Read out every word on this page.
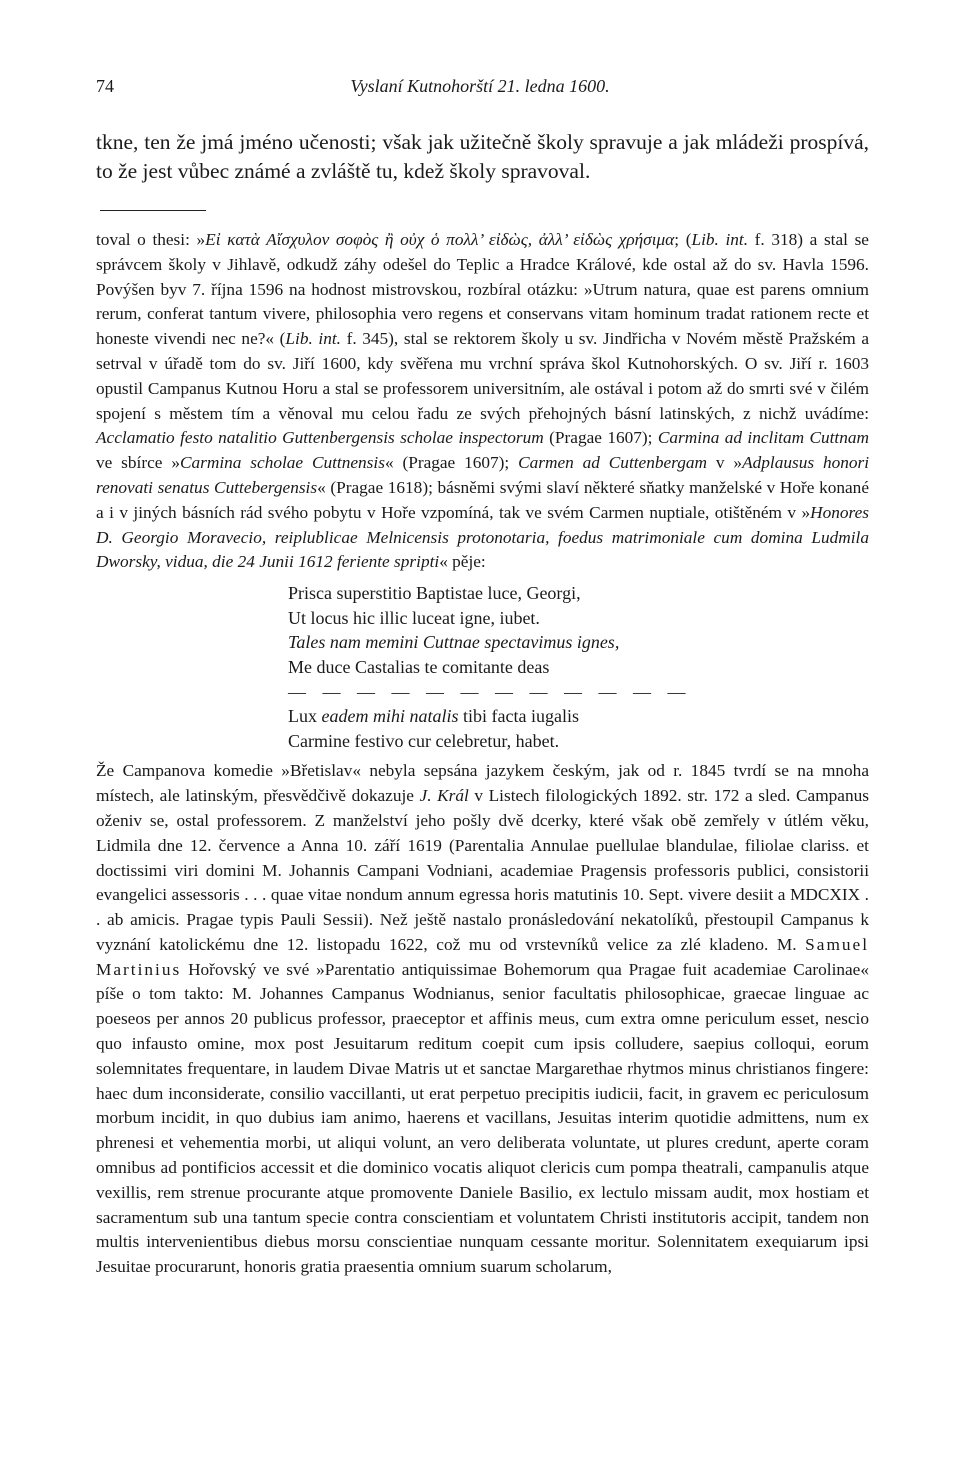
74	Vyslaní Kutnohorští 21. ledna 1600.

tkne, ten že jmá jméno učenosti; však jak užitečně školy spravuje a jak mládeži prospívá, to že jest vůbec známé a zvláště tu, kdež školy spravoval.

toval o thesi: »Εἰ κατὰ Αἴσχυλον σοφὸς ἢ οὐχ ὁ πολλ’ εἰδὼς, ἀλλ’ εἰδὼς χρήσιμα; (Lib. int. f. 318) a stal se správcem školy v Jihlavě, odkudž záhy odešel do Teplic a Hradce Králové, kde ostal až do sv. Havla 1596. Povýšen byv 7. října 1596 na hodnost mistrovskou, rozbíral otázku: »Utrum natura, quae est parens omnium rerum, conferat tantum vivere, philosophia vero regens et conservans vitam hominum tradat rationem recte et honeste vivendi nec ne?« (Lib. int. f. 345), stal se rektorem školy u sv. Jindřicha v Novém městě Pražském a setrval v úřadě tom do sv. Jiří 1600, kdy svěřena mu vrchní správa škol Kutnohorských. O sv. Jiří r. 1603 opustil Campanus Kutnou Horu a stal se professorem universitním, ale ostával i potom až do smrti své v čilém spojení s městem tím a věnoval mu celou řadu ze svých přehojných básní latinských, z nichž uvádíme: Acclamatio festo natalitio Guttenbergensis scholae inspectorum (Pragae 1607); Carmina ad inclitam Cuttnam ve sbírce »Carmina scholae Cuttnensis« (Pragae 1607); Carmen ad Cuttenbergam v »Adplausus honori renovati senatus Cuttebergensis« (Pragae 1618); básněmi svými slaví některé sňatky manželské v Hoře konané a i v jiných básních rád svého pobytu v Hoře vzpomíná, tak ve svém Carmen nuptiale, otištěném v »Honores D. Georgio Moravecio, reiplublicae Melnicensis protonotaria, foedus matrimoniale cum domina Ludmila Dworsky, vidua, die 24 Junii 1612 feriente spripti« pěje:

Prisca superstitio Baptistae luce, Georgi,
Ut locus hic illic luceat igne, iubet.
Tales nam memini Cuttnae spectavimus ignes,
Me duce Castalias te comitante deas
— — — — — — — — — — — —
Lux eadem mihi natalis tibi facta iugalis
Carmine festivo cur celebretur, habet.

Že Campanova komedie »Břetislav« nebyla sepsána jazykem českým, jak od r. 1845 tvrdí se na mnoha místech, ale latinským, přesvědčivě dokazuje J. Král v Listech filologických 1892. str. 172 a sled. Campanus oženiv se, ostal professorem. Z manželství jeho pošly dvě dcerky, které však obě zemřely v útlém věku, Lidmila dne 12. července a Anna 10. září 1619 (Parentalia Annulae puellulae blandulae, filiolae clariss. et doctissimi viri domini M. Johannis Campani Vodniani, academiae Pragensis professoris publici, consistorii evangelici assessoris . . . quae vitae nondum annum egressa horis matutinis 10. Sept. vivere desiit a MDCXIX . . ab amicis. Pragae typis Pauli Sessii). Než ještě nastalo pronásledování nekatolíků, přestoupil Campanus k vyznání katolickému dne 12. listopadu 1622, což mu od vrstevníků velice za zlé kladeno. M. Samuel Martinius Hořovský ve své »Parentatio antiquissimae Bohemorum qua Pragae fuit academiae Carolinae« píše o tom takto: M. Johannes Campanus Wodnianus, senior facultatis philosophicae, graecae linguae ac poeseos per annos 20 publicus professor, praeceptor et affinis meus, cum extra omne periculum esset, nescio quo infausto omine, mox post Jesuitarum reditum coepit cum ipsis colludere, saepius colloqui, eorum solemnitates frequentare, in laudem Divae Matris ut et sanctae Margarethae rhytmos minus christianos fingere: haec dum inconsiderate, consilio vaccillanti, ut erat perpetuo precipitis iudicii, facit, in gravem ec periculosum morbum incidit, in quo dubius iam animo, haerens et vacillans, Jesuitas interim quotidie admittens, num ex phrenesi et vehementia morbi, ut aliqui volunt, an vero deliberata voluntate, ut plures credunt, aperte coram omnibus ad pontificios accessit et die dominico vocatis aliquot clericis cum pompa theatrali, campanulis atque vexillis, rem strenue procurante atque promovente Daniele Basilio, ex lectulo missam audit, mox hostiam et sacramentum sub una tantum specie contra conscientiam et voluntatem Christi institutoris accipit, tandem non multis intervenientibus diebus morsu conscientiae nunquam cessante moritur. Solennitatem exequiarum ipsi Jesuitae procurarunt, honoris gratia praesentia omnium suarum scholarum,
